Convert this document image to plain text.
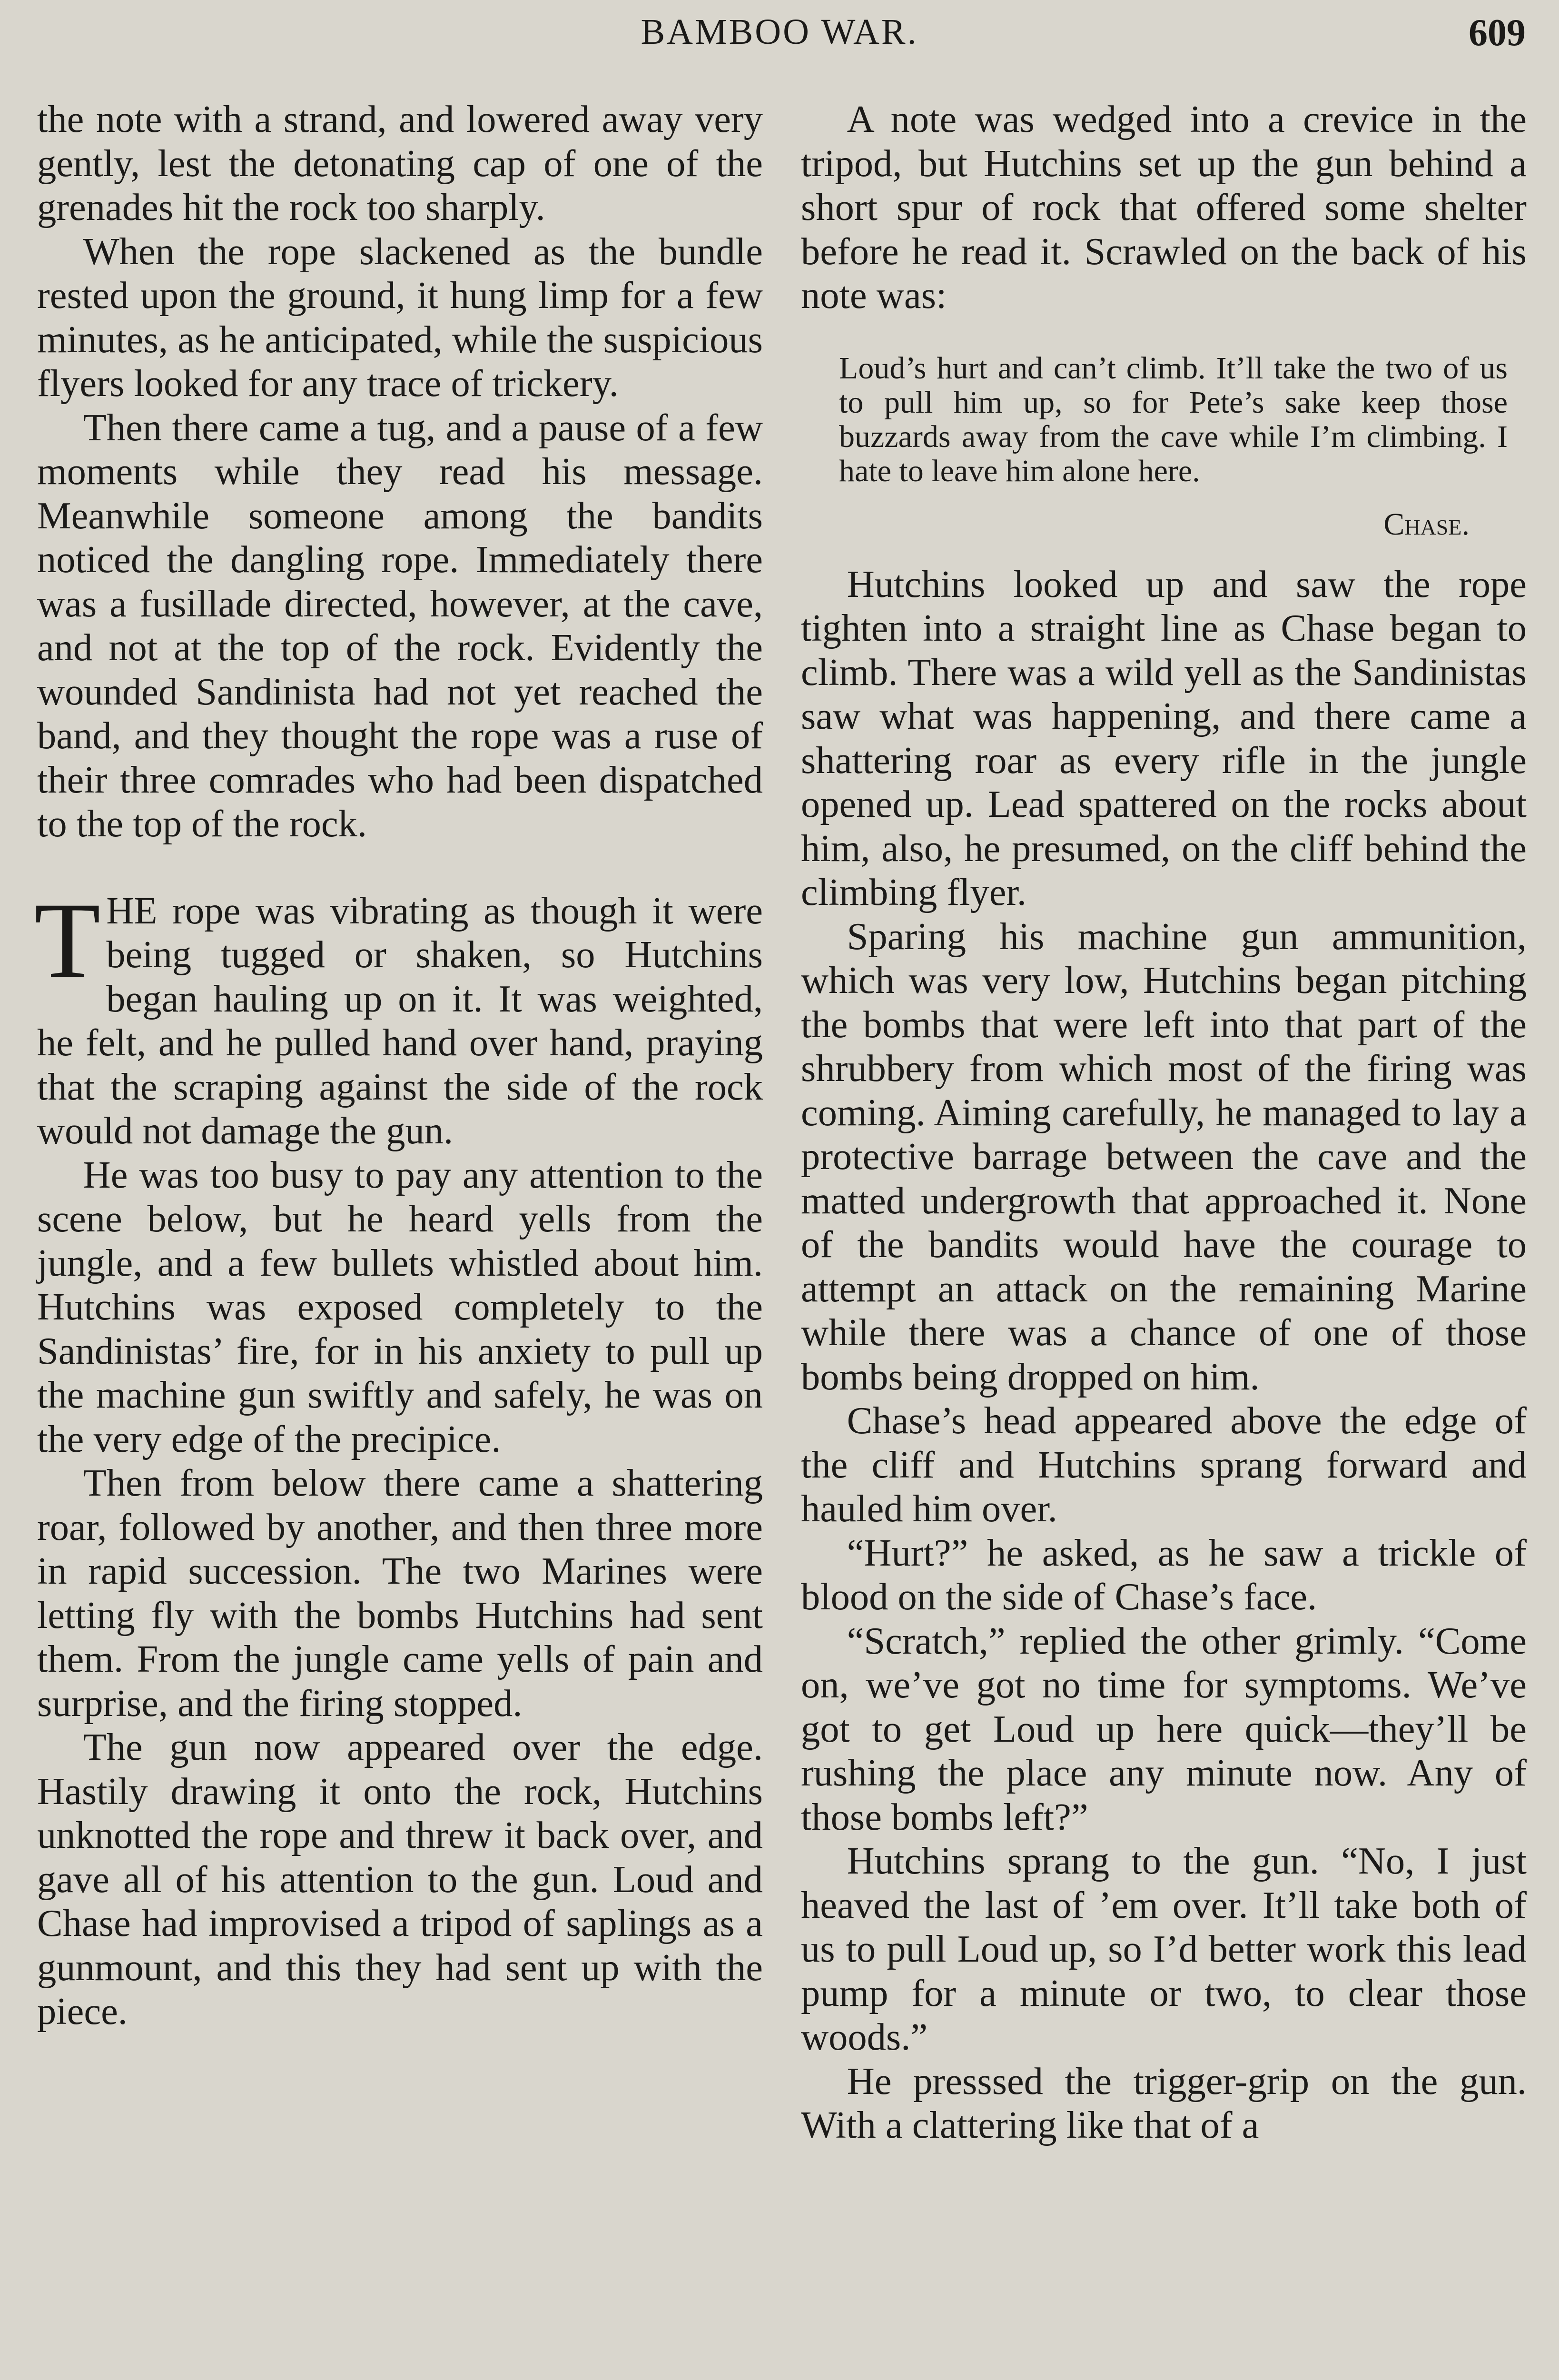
BAMBOO WAR.	609

the note with a strand, and lowered away very gently, lest the detonating cap of one of the grenades hit the rock too sharply.

When the rope slackened as the bundle rested upon the ground, it hung limp for a few minutes, as he anticipated, while the suspicious flyers looked for any trace of trickery.

Then there came a tug, and a pause of a few moments while they read his message. Meanwhile someone among the bandits noticed the dangling rope. Immediately there was a fusillade directed, however, at the cave, and not at the top of the rock. Evidently the wounded Sandinista had not yet reached the band, and they thought the rope was a ruse of their three comrades who had been dispatched to the top of the rock.

THE rope was vibrating as though it were being tugged or shaken, so Hutchins began hauling up on it. It was weighted, he felt, and he pulled hand over hand, praying that the scraping against the side of the rock would not damage the gun.

He was too busy to pay any attention to the scene below, but he heard yells from the jungle, and a few bullets whistled about him. Hutchins was exposed completely to the Sandinistas’ fire, for in his anxiety to pull up the machine gun swiftly and safely, he was on the very edge of the precipice.

Then from below there came a shattering roar, followed by another, and then three more in rapid succession. The two Marines were letting fly with the bombs Hutchins had sent them. From the jungle came yells of pain and surprise, and the firing stopped.

The gun now appeared over the edge. Hastily drawing it onto the rock, Hutchins unknotted the rope and threw it back over, and gave all of his attention to the gun. Loud and Chase had improvised a tripod of saplings as a gunmount, and this they had sent up with the piece.

A note was wedged into a crevice in the tripod, but Hutchins set up the gun behind a short spur of rock that offered some shelter before he read it. Scrawled on the back of his note was:

Loud’s hurt and can’t climb. It’ll take the two of us to pull him up, so for Pete’s sake keep those buzzards away from the cave while I’m climbing. I hate to leave him alone here.

Chase.

Hutchins looked up and saw the rope tighten into a straight line as Chase began to climb. There was a wild yell as the Sandinistas saw what was happening, and there came a shattering roar as every rifle in the jungle opened up. Lead spattered on the rocks about him, also, he presumed, on the cliff behind the climbing flyer.

Sparing his machine gun ammunition, which was very low, Hutchins began pitching the bombs that were left into that part of the shrubbery from which most of the firing was coming. Aiming carefully, he managed to lay a protective barrage between the cave and the matted undergrowth that approached it. None of the bandits would have the courage to attempt an attack on the remaining Marine while there was a chance of one of those bombs being dropped on him.

Chase’s head appeared above the edge of the cliff and Hutchins sprang forward and hauled him over.

“Hurt?” he asked, as he saw a trickle of blood on the side of Chase’s face.

“Scratch,” replied the other grimly. “Come on, we’ve got no time for symptoms. We’ve got to get Loud up here quick—they’ll be rushing the place any minute now. Any of those bombs left?”

Hutchins sprang to the gun. “No, I just heaved the last of ’em over. It’ll take both of us to pull Loud up, so I’d better work this lead pump for a minute or two, to clear those woods.”

He presssed the trigger-grip on the gun. With a clattering like that of a
